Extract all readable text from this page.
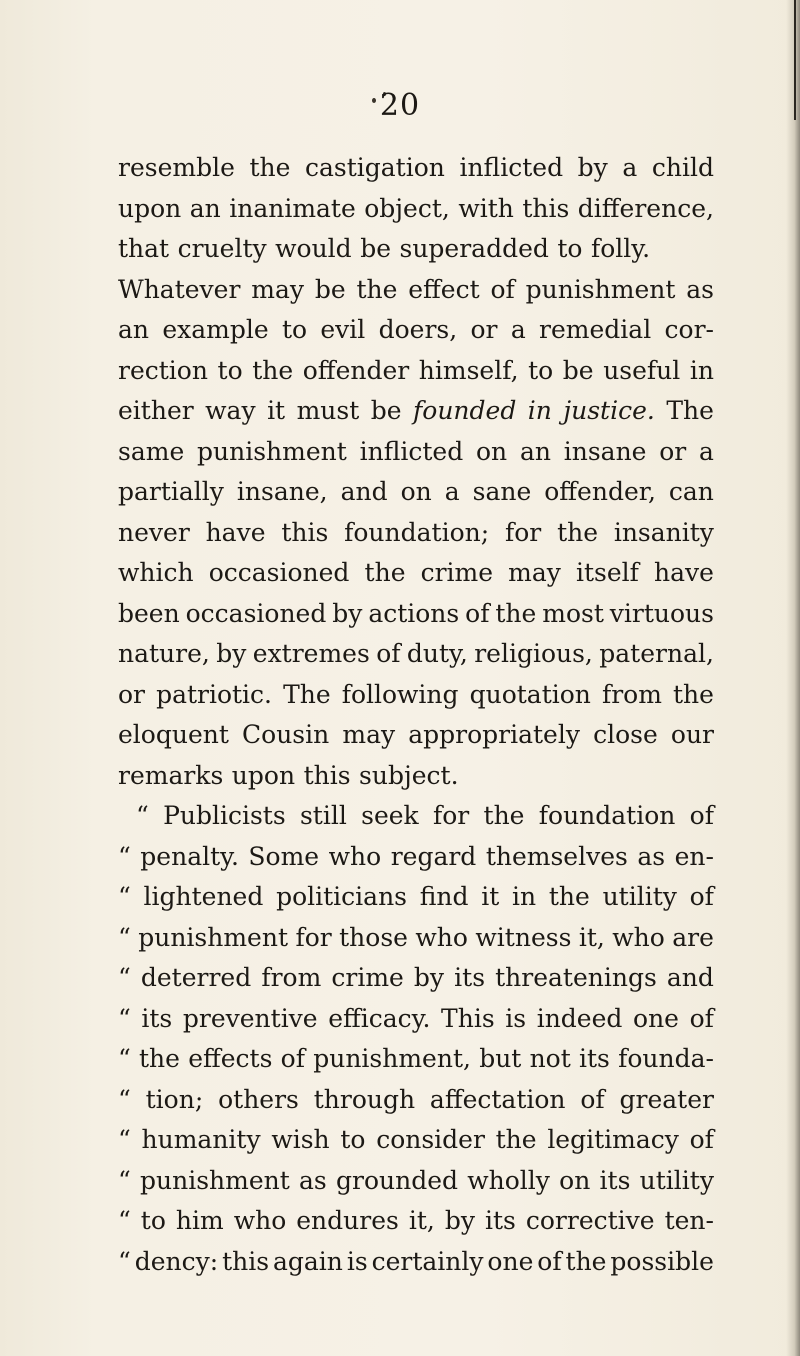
20
resemble the castigation inflicted by a child
upon an inanimate object, with this difference,
that cruelty would be superadded to folly.
Whatever may be the effect of punishment as
an example to evil doers, or a remedial cor-
rection to the offender himself, to be useful in
either way it must be founded in justice. The
same punishment inflicted on an insane or a
partially insane, and on a sane offender, can
never have this foundation; for the insanity
which occasioned the crime may itself have
been occasioned by actions of the most virtuous
nature, by extremes of duty, religious, paternal,
or patriotic. The following quotation from the
eloquent Cousin may appropriately close our
remarks upon this subject.
“ Publicists still seek for the foundation of
“ penalty. Some who regard themselves as en-
“ lightened politicians find it in the utility of
“ punishment for those who witness it, who are
“ deterred from crime by its threatenings and
“ its preventive efficacy. This is indeed one of
“ the effects of punishment, but not its founda-
“ tion; others through affectation of greater
“ humanity wish to consider the legitimacy of
“ punishment as grounded wholly on its utility
“ to him who endures it, by its corrective ten-
“ dency: this again is certainly one of the possible
